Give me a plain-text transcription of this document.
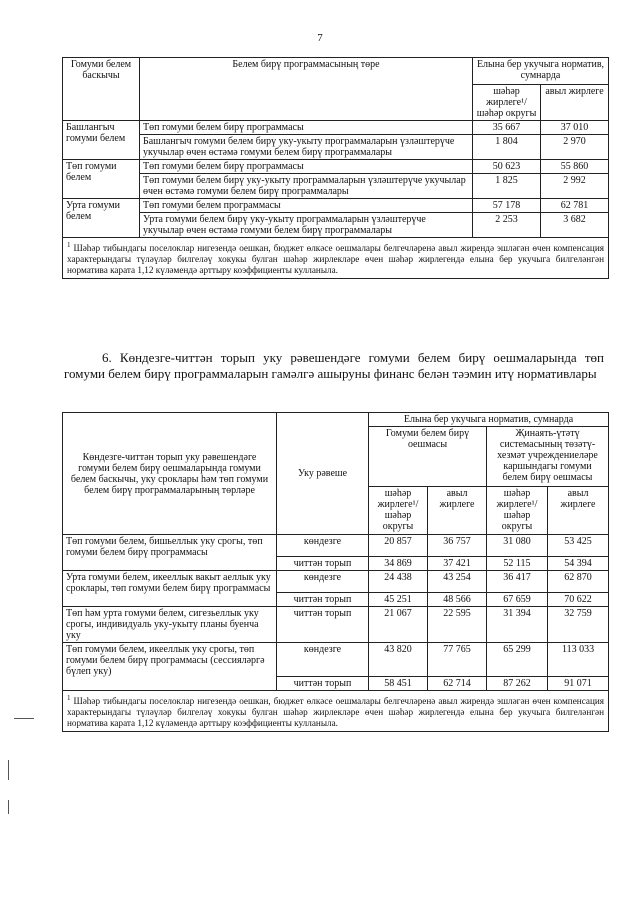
7
Гомуми белем баскычы	Белем бирү программасының төре	Елына бер укучыга норматив, сумнарда	
		шәһәр жирлеге¹/ шәһәр округы	авыл жирлеге
Башлангыч гомуми белем	Төп гомуми белем бирү программасы	35 667	37 010
	Башлангыч гомуми белем бирү уку-укыту программаларын үзләштерүче укучылар өчен өстәмә гомуми белем бирү программалары	1 804	2 970
Төп гомуми белем	Төп гомуми белем бирү программасы	50 623	55 860
	Төп гомуми белем бирү уку-укыту программаларын үзләштерүче укучылар өчен өстәмә гомуми белем бирү программалары	1 825	2 992
Урта гомуми белем	Төп гомуми белем программасы	57 178	62 781
	Урта гомуми белем бирү уку-укыту программаларын үзләштерүче укучылар өчен өстәмә гомуми белем бирү программалары	2 253	3 682
$^1$ Шәһәр тибындагы поселоклар нигезендә оешкан, бюджет өлкәсе оешмалары белгечләренә авыл жирендә эшләгән өчен компенсация характерындагы түләүләр билгеләү хокукы булган шәһәр жирлекләре өчен шәһәр жирлегендә елына бер укучыга билгеләнгән норматива карата 1,12 күләмендә арттыру коэффициенты кулланыла.			
6. Көндезге-читтән торып уку рәвешендәге гомуми белем бирү оешмаларында төп гомуми белем бирү программаларын гамәлгә ашыруны финанс белән тәэмин итү нормативлары
Көндезге-читтән торып уку рәвешендәге гомуми белем бирү оешмаларында гомуми белем баскычы, уку сроклары һәм төп гомуми белем бирү программаларының төрләре	Уку рәвеше	Елына бер укучыга норматив, сумнарда			
		Гомуми белем бирү оешмасы		Җинаять-үтәтү системасының төзәтү-хезмәт учреждениеләре каршындагы гомуми белем бирү оешмасы	
		шәһәр жирлеге¹/ шәһәр округы	авыл жирлеге	шәһәр жирлеге¹/ шәһәр округы	авыл жирлеге
Төп гомуми белем, бишьеллык уку срогы, төп гомуми белем бирү программасы	көндезге	20 857	36 757	31 080	53 425
	читтән торып	34 869	37 421	52 115	54 394
Урта гомуми белем, икееллык вакыт аеллык уку сроклары, төп гомуми белем бирү программасы	көндезге	24 438	43 254	36 417	62 870
	читтән торып	45 251	48 566	67 659	70 622
Төп һәм урта гомуми белем, сигезьеллык уку срогы, индивидуаль уку-укыту планы буенча уку	читтән торып	21 067	22 595	31 394	32 759
Төп гомуми белем, икееллык уку срогы, төп гомуми белем бирү программасы (сессияләргә бүлеп уку)	көндезге	43 820	77 765	65 299	113 033
	читтән торып	58 451	62 714	87 262	91 071
$^1$ Шәһәр тибындагы поселоклар нигезендә оешкан, бюджет өлкәсе оешмалары белгечләренә авыл жирендә эшләгән өчен компенсация характерындагы түләүләр билгеләү хокукы булган шәһәр жирлекләре өчен шәһәр жирлегендә елына бер укучыга билгеләнгән норматива карата 1,12 күләмендә арттыру коэффициенты кулланыла.					
